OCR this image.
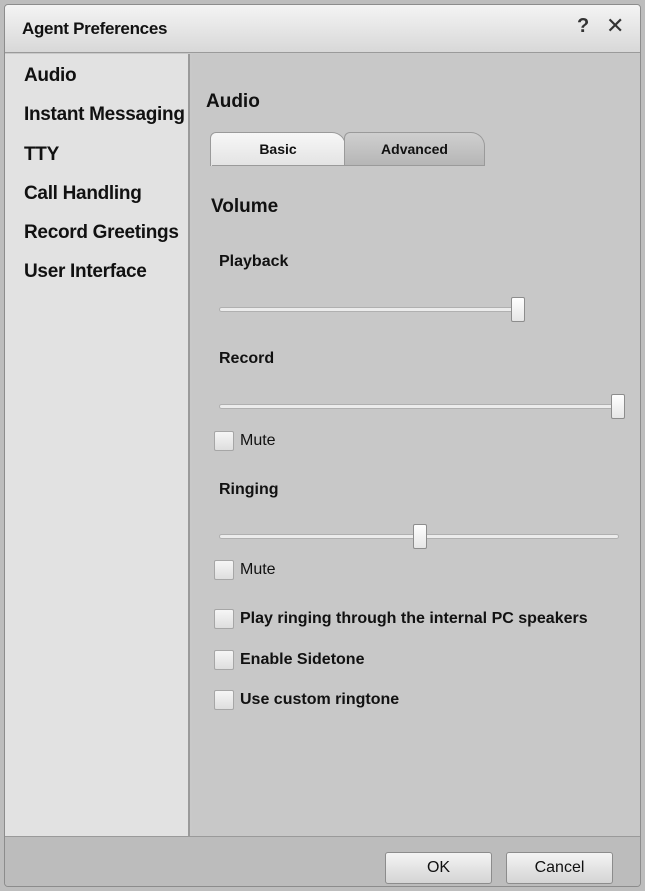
Agent Preferences	? ✕
Audio
Instant Messaging
TTY
Call Handling
Record Greetings
User Interface
Audio
Basic	Advanced
Volume
Playback
Record
Mute
Ringing
Mute
Play ringing through the internal PC speakers
Enable Sidetone
Use custom ringtone
OK	Cancel
